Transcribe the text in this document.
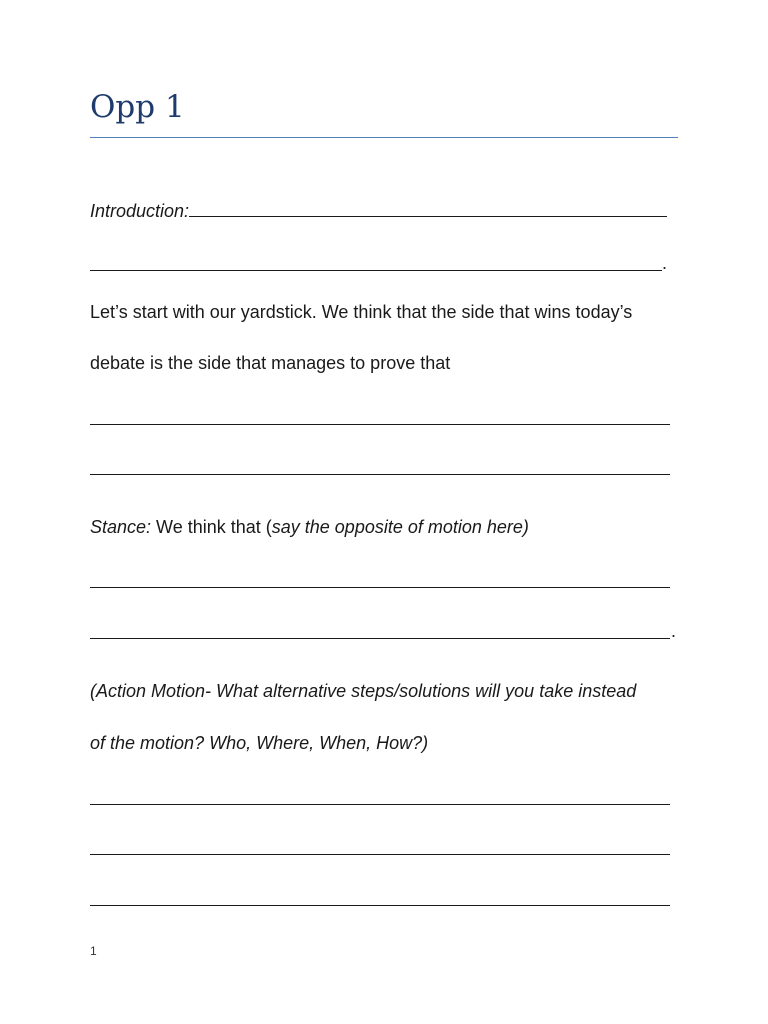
Opp 1
Introduction:
.
Let’s start with our yardstick. We think that the side that wins today’s
debate is the side that manages to prove that
Stance: We think that (say the opposite of motion here)
.
(Action Motion- What alternative steps/solutions will you take instead
of the motion? Who, Where, When, How?)
1
